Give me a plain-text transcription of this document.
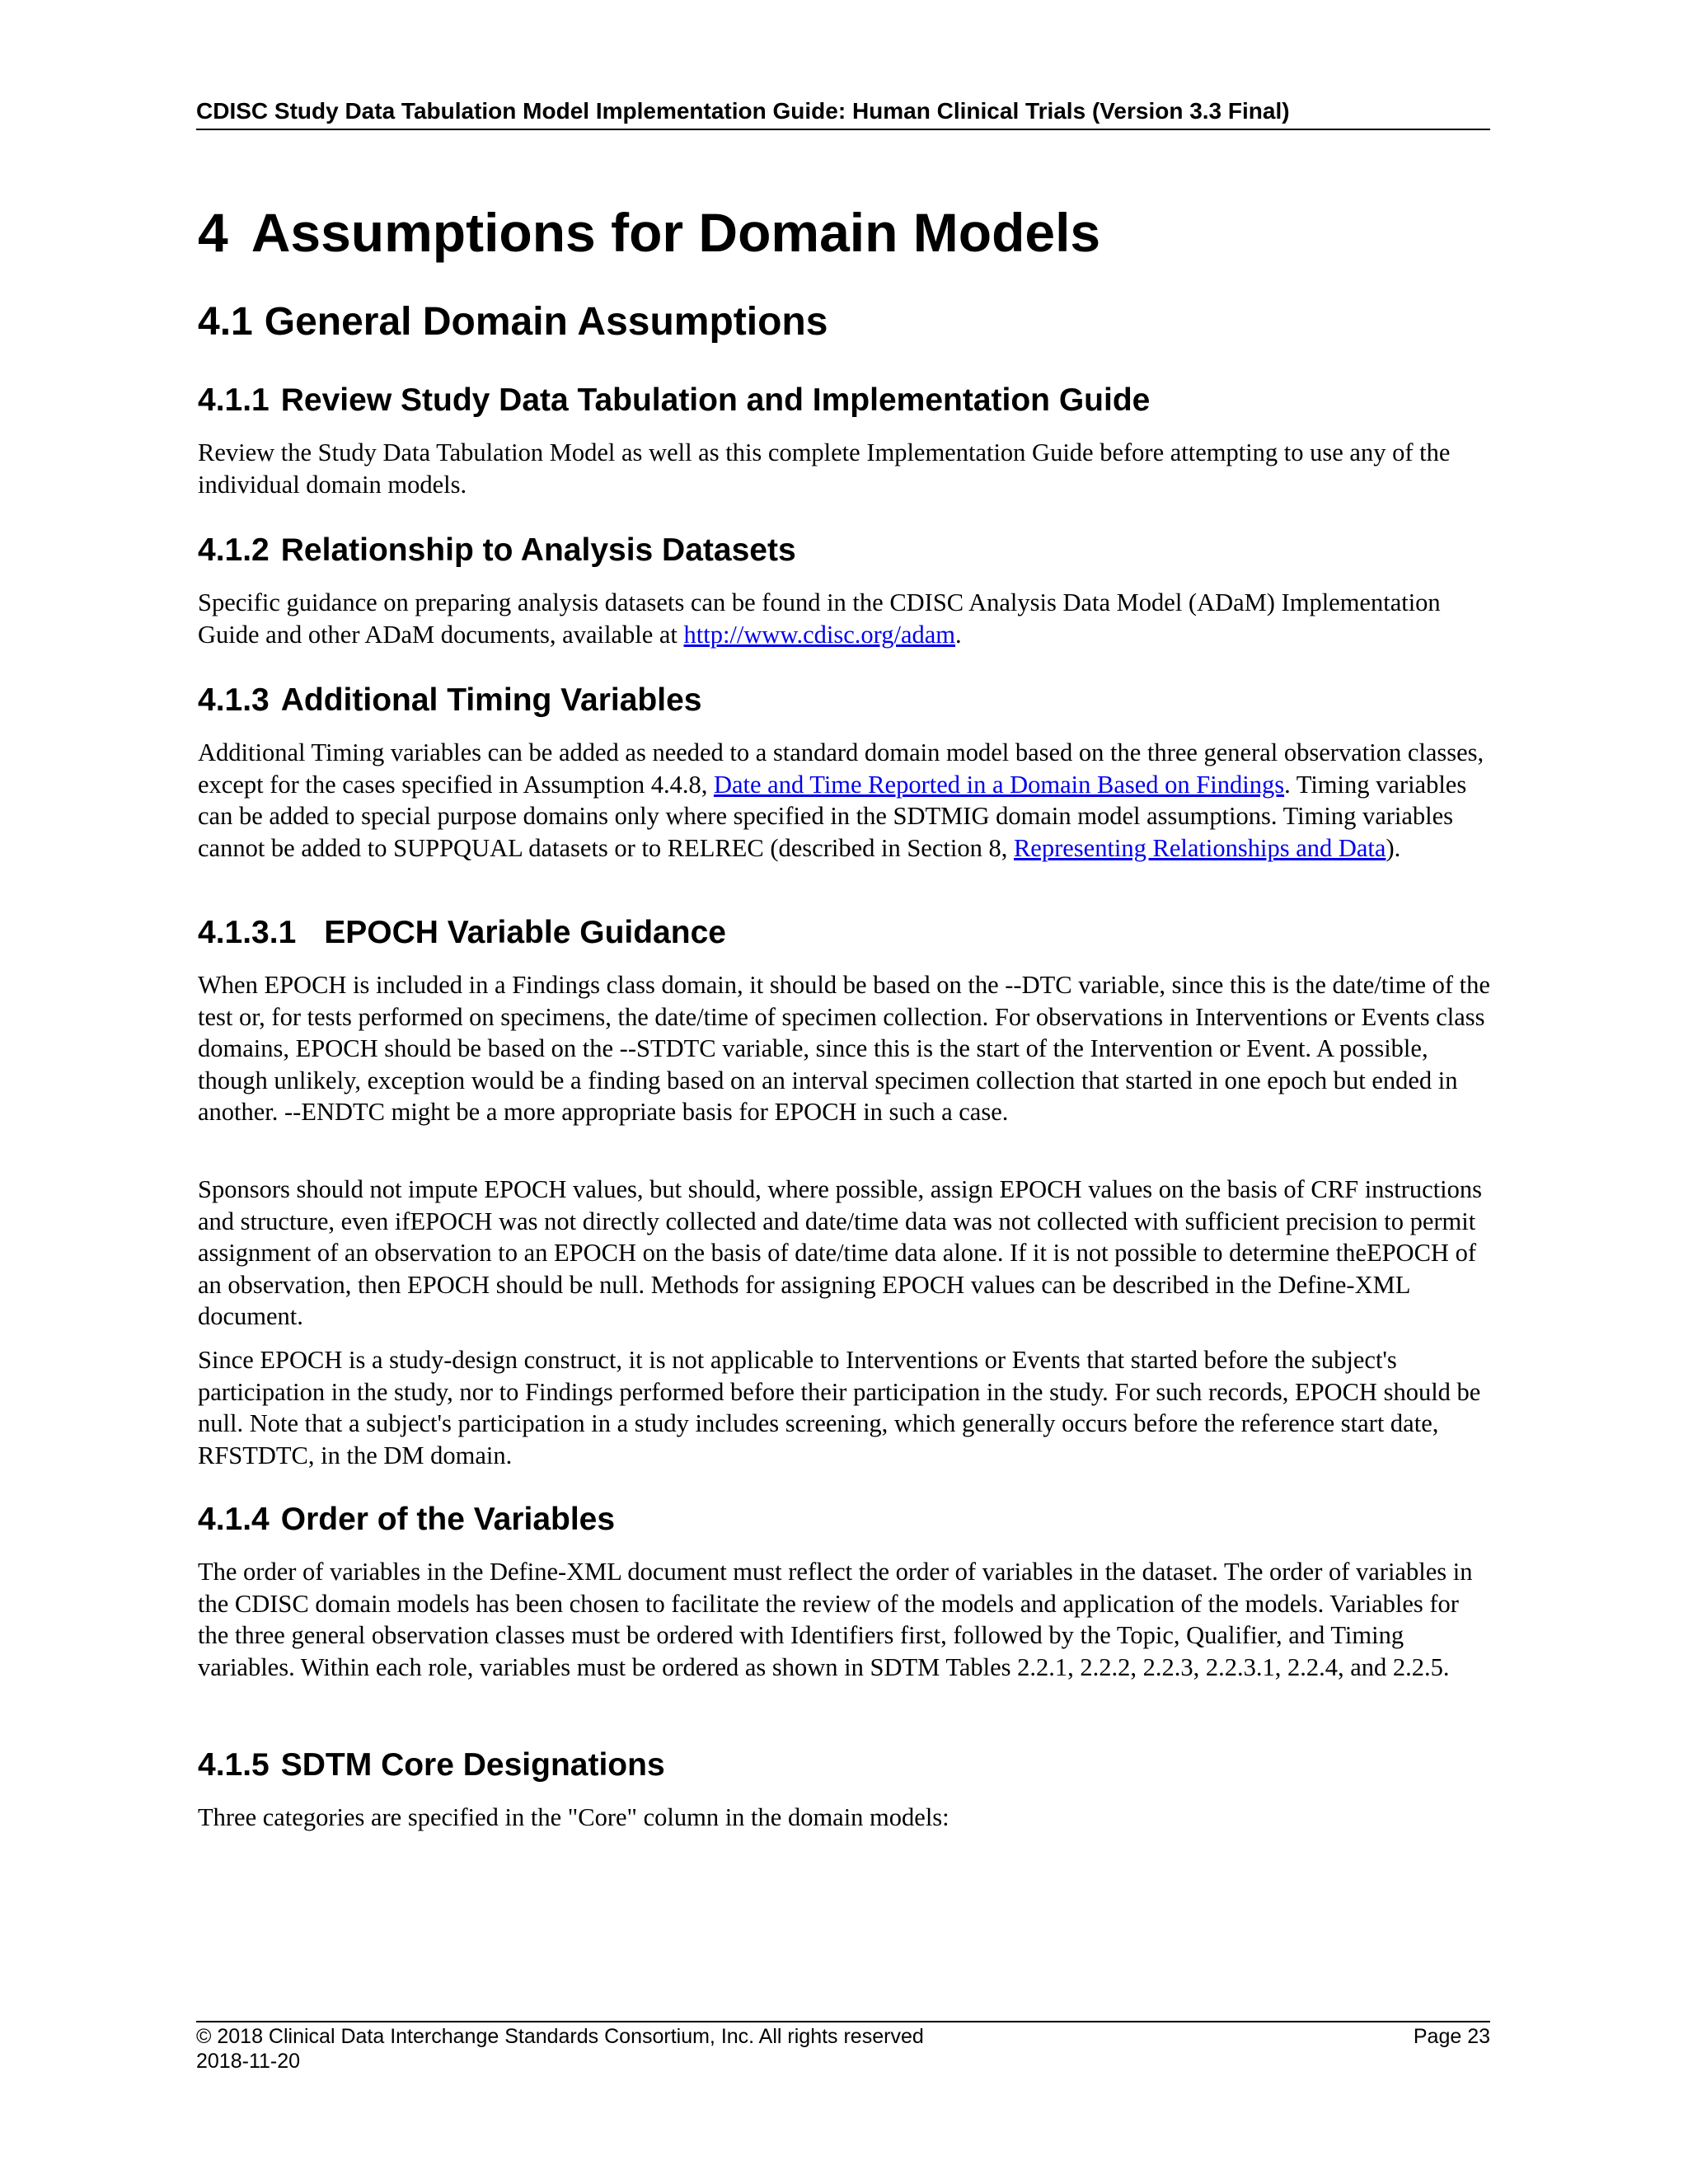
CDISC Study Data Tabulation Model Implementation Guide: Human Clinical Trials (Version 3.3 Final)
4 Assumptions for Domain Models
4.1 General Domain Assumptions
4.1.1 Review Study Data Tabulation and Implementation Guide

Review the Study Data Tabulation Model as well as this complete Implementation Guide before attempting to use any of the individual domain models.

4.1.2 Relationship to Analysis Datasets

Specific guidance on preparing analysis datasets can be found in the CDISC Analysis Data Model (ADaM) Implementation Guide and other ADaM documents, available at http://www.cdisc.org/adam.

4.1.3 Additional Timing Variables

Additional Timing variables can be added as needed to a standard domain model based on the three general observation classes, except for the cases specified in Assumption 4.4.8, Date and Time Reported in a Domain Based on Findings. Timing variables can be added to special purpose domains only where specified in the SDTMIG domain model assumptions. Timing variables cannot be added to SUPPQUAL datasets or to RELREC (described in Section 8, Representing Relationships and Data).

4.1.3.1 EPOCH Variable Guidance

When EPOCH is included in a Findings class domain, it should be based on the --DTC variable, since this is the date/time of the test or, for tests performed on specimens, the date/time of specimen collection. For observations in Interventions or Events class domains, EPOCH should be based on the --STDTC variable, since this is the start of the Intervention or Event. A possible, though unlikely, exception would be a finding based on an interval specimen collection that started in one epoch but ended in another. --ENDTC might be a more appropriate basis for EPOCH in such a case.

Sponsors should not impute EPOCH values, but should, where possible, assign EPOCH values on the basis of CRF instructions and structure, even ifEPOCH was not directly collected and date/time data was not collected with sufficient precision to permit assignment of an observation to an EPOCH on the basis of date/time data alone. If it is not possible to determine theEPOCH of an observation, then EPOCH should be null. Methods for assigning EPOCH values can be described in the Define-XML document.

Since EPOCH is a study-design construct, it is not applicable to Interventions or Events that started before the subject's participation in the study, nor to Findings performed before their participation in the study. For such records, EPOCH should be null. Note that a subject's participation in a study includes screening, which generally occurs before the reference start date, RFSTDTC, in the DM domain.

4.1.4 Order of the Variables

The order of variables in the Define-XML document must reflect the order of variables in the dataset. The order of variables in the CDISC domain models has been chosen to facilitate the review of the models and application of the models. Variables for the three general observation classes must be ordered with Identifiers first, followed by the Topic, Qualifier, and Timing variables. Within each role, variables must be ordered as shown in SDTM Tables 2.2.1, 2.2.2, 2.2.3, 2.2.3.1, 2.2.4, and 2.2.5.

4.1.5 SDTM Core Designations

Three categories are specified in the "Core" column in the domain models:

© 2018 Clinical Data Interchange Standards Consortium, Inc. All rights reserved	Page 23
2018-11-20
